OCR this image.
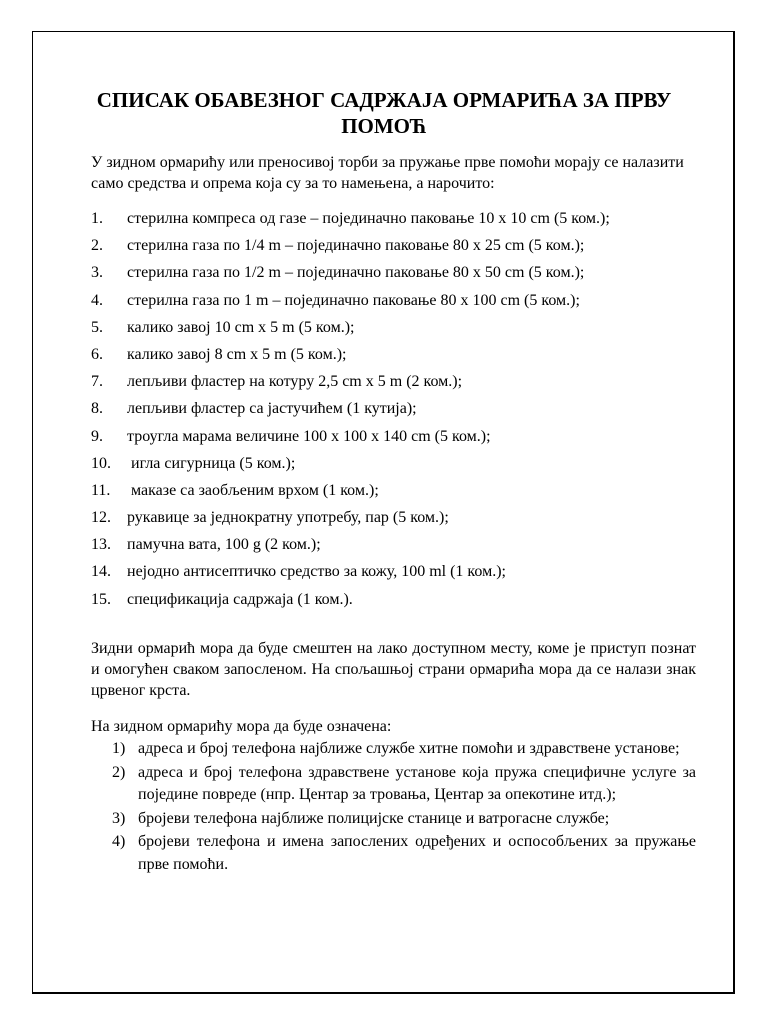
СПИСАК ОБАВЕЗНОГ САДРЖАЈА ОРМАРИЋА ЗА ПРВУ ПОМОЋ

У зидном ормарићу или преносивој торби за пружање прве помоћи морају се налазити само средства и опрема која су за то намењена, а нарочито:

1. стерилна компреса од газе – појединачно паковање 10 x 10 cm (5 ком.);
2. стерилна газа по 1/4 m – појединачно паковање 80 x 25 cm (5 ком.);
3. стерилна газа по 1/2 m – појединачно паковање 80 x 50 cm (5 ком.);
4. стерилна газа по 1 m – појединачно паковање 80 x 100 cm (5 ком.);
5. калико завој 10 cm x 5 m (5 ком.);
6. калико завој 8 cm x 5 m (5 ком.);
7. лепљиви фластер на котуру 2,5 cm x 5 m (2 ком.);
8. лепљиви фластер са јастучићем (1 кутија);
9. троугла марама величине 100 x 100 x 140 cm (5 ком.);
10. игла сигурница (5 ком.);
11. маказе са заобљеним врхом (1 ком.);
12. рукавице за једнократну употребу, пар (5 ком.);
13. памучна вата, 100 g (2 ком.);
14. нејодно антисептичко средство за кожу, 100 ml (1 ком.);
15. спецификација садржаја (1 ком.).

Зидни ормарић мора да буде смештен на лако доступном месту, коме је приступ познат и омогућен сваком запосленом. На спољашњој страни ормарића мора да се налази знак црвеног крста.

На зидном ормарићу мора да буде означена:

1) адреса и број телефона најближе службе хитне помоћи и здравствене установе;
2) адреса и број телефона здравствене установе која пружа специфичне услуге за поједине повреде (нпр. Центар за тровања, Центар за опекотине итд.);
3) бројеви телефона најближе полицијске станице и ватрогасне службе;
4) бројеви телефона и имена запослених одређених и оспособљених за пружање прве помоћи.
